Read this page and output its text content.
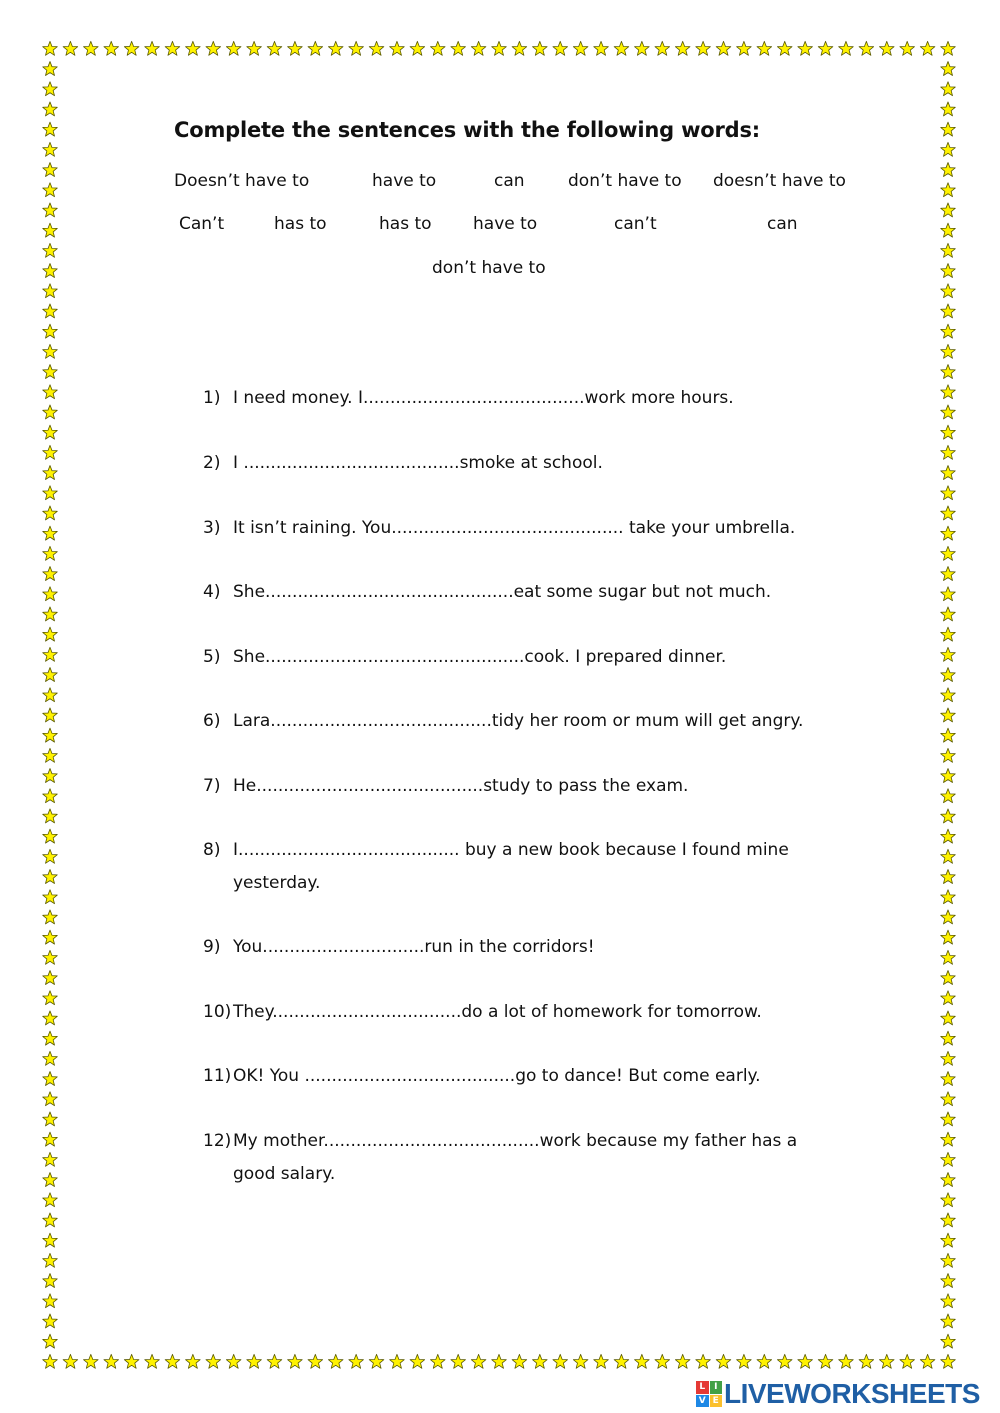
Complete the sentences with the following words:
Doesn’t have to	have to	can	don’t have to doesn’t have to
Can’t	has to	has to have to	can’t	can
don’t have to
1) I need money. I.........................................work more hours.
2) I ........................................smoke at school.
3) It isn’t raining. You........................................... take your umbrella.
4) She..............................................eat some sugar but not much.
5) She................................................cook. I prepared dinner.
6) Lara.........................................tidy her room or mum will get angry.
7) He..........................................study to pass the exam.
8) I......................................... buy a new book because I found mine
yesterday.
9) You..............................run in the corridors!
10) They...................................do a lot of homework for tomorrow.
11) OK! You .......................................go to dance! But come early.
12) My mother........................................work because my father has a
good salary.
L I
V E LIVEWORKSHEETS
